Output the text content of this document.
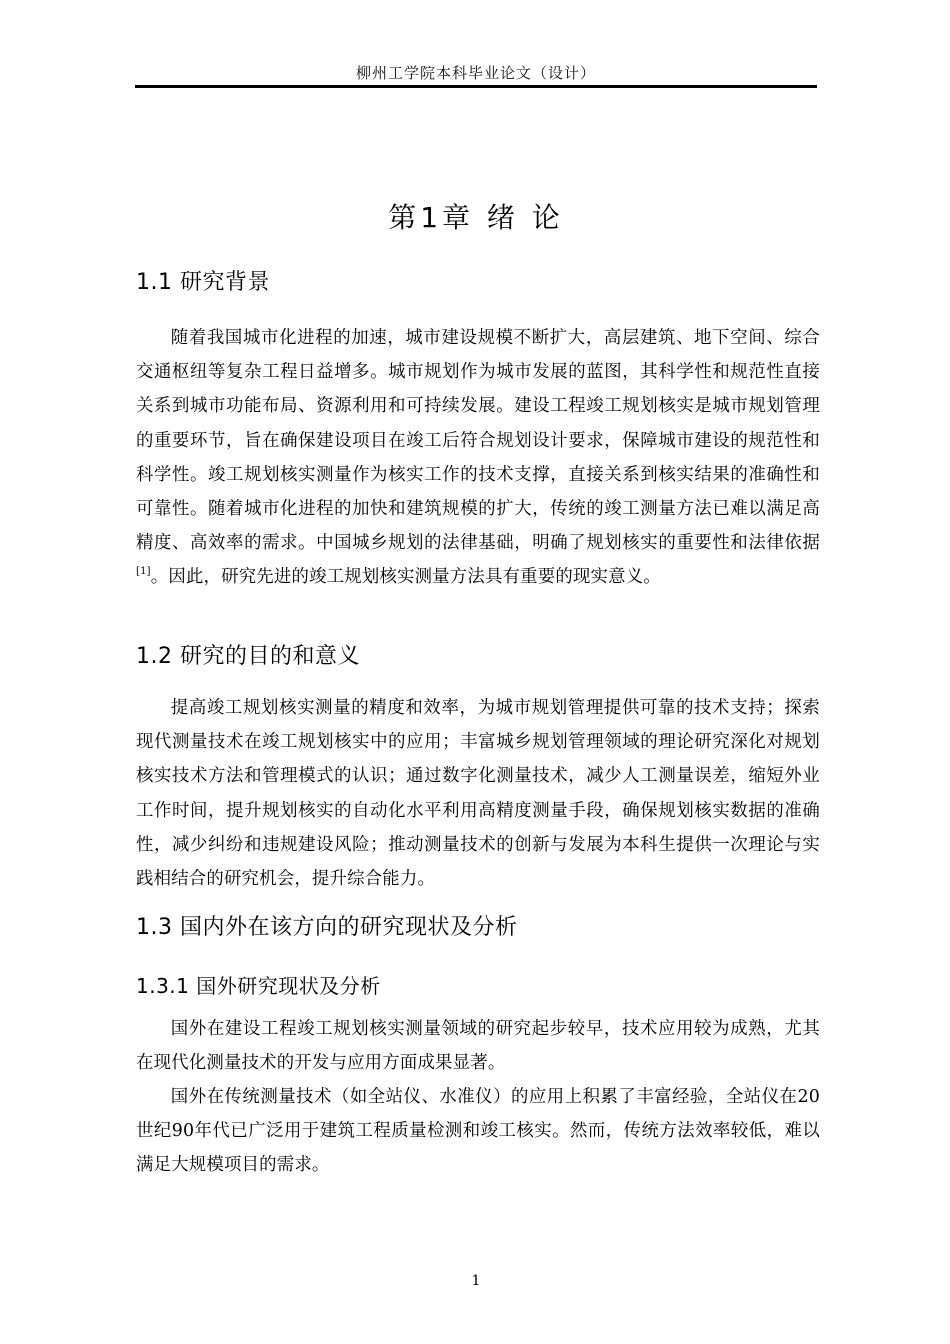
柳州工学院本科毕业论文（设计）
第1章 绪 论
1.1 研究背景
随着我国城市化进程的加速，城市建设规模不断扩大，高层建筑、地下空间、综合交通枢纽等复杂工程日益增多。城市规划作为城市发展的蓝图，其科学性和规范性直接关系到城市功能布局、资源利用和可持续发展。建设工程竣工规划核实是城市规划管理的重要环节，旨在确保建设项目在竣工后符合规划设计要求，保障城市建设的规范性和科学性。竣工规划核实测量作为核实工作的技术支撑，直接关系到核实结果的准确性和可靠性。随着城市化进程的加快和建筑规模的扩大，传统的竣工测量方法已难以满足高精度、高效率的需求。中国城乡规划的法律基础，明确了规划核实的重要性和法律依据[1]。因此，研究先进的竣工规划核实测量方法具有重要的现实意义。
1.2 研究的目的和意义
提高竣工规划核实测量的精度和效率，为城市规划管理提供可靠的技术支持；探索现代测量技术在竣工规划核实中的应用；丰富城乡规划管理领域的理论研究深化对规划核实技术方法和管理模式的认识；通过数字化测量技术，减少人工测量误差，缩短外业工作时间，提升规划核实的自动化水平利用高精度测量手段，确保规划核实数据的准确性，减少纠纷和违规建设风险；推动测量技术的创新与发展为本科生提供一次理论与实践相结合的研究机会，提升综合能力。
1.3 国内外在该方向的研究现状及分析
1.3.1 国外研究现状及分析
国外在建设工程竣工规划核实测量领域的研究起步较早，技术应用较为成熟，尤其在现代化测量技术的开发与应用方面成果显著。
国外在传统测量技术（如全站仪、水准仪）的应用上积累了丰富经验，全站仪在20世纪90年代已广泛用于建筑工程质量检测和竣工核实。然而，传统方法效率较低，难以满足大规模项目的需求。
1
